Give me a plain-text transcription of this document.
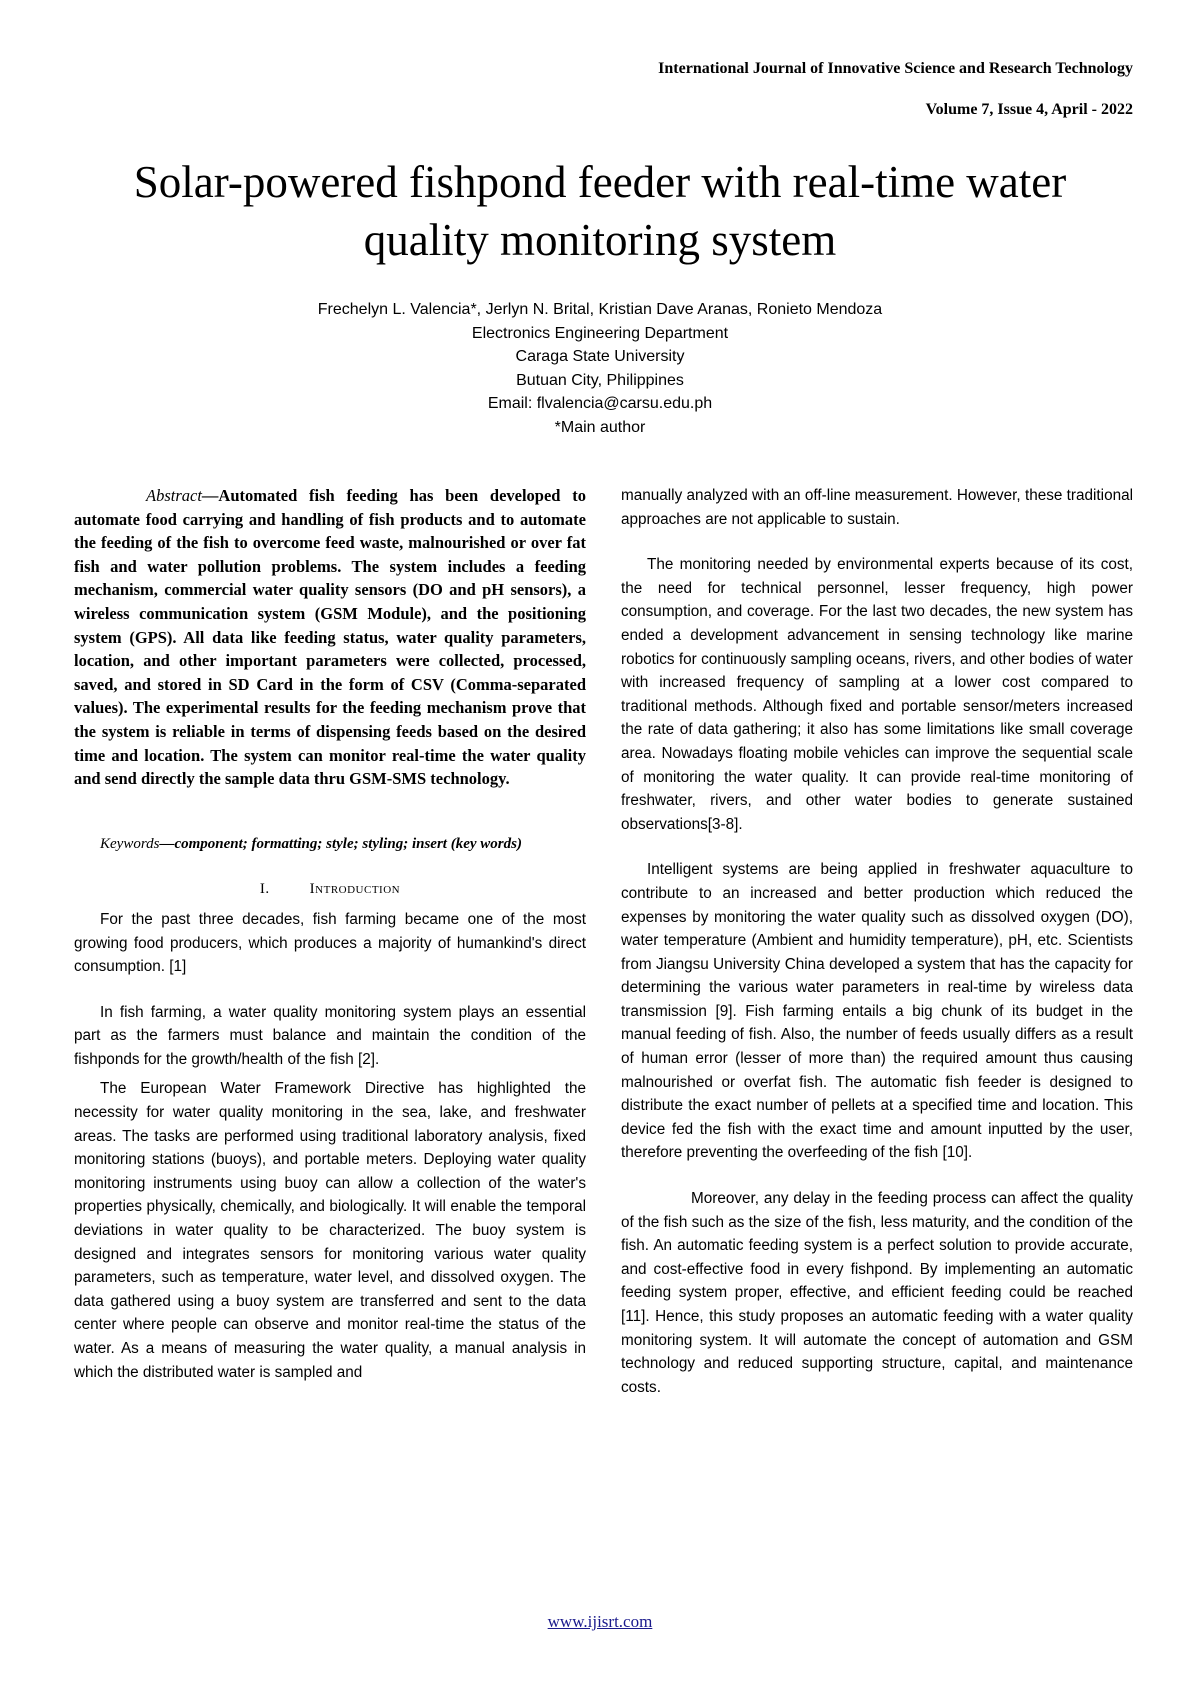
International Journal of Innovative Science and Research Technology
Volume 7, Issue 4, April - 2022
Solar-powered fishpond feeder with real-time water
quality monitoring system
Frechelyn L. Valencia*, Jerlyn N. Brital, Kristian Dave Aranas, Ronieto Mendoza
Electronics Engineering Department
Caraga State University
Butuan City, Philippines
Email: flvalencia@carsu.edu.ph
*Main author

Abstract—Automated fish feeding has been developed to automate food carrying and handling of fish products and to automate the feeding of the fish to overcome feed waste, malnourished or over fat fish and water pollution problems. The system includes a feeding mechanism, commercial water quality sensors (DO and pH sensors), a wireless communication system (GSM Module), and the positioning system (GPS). All data like feeding status, water quality parameters, location, and other important parameters were collected, processed, saved, and stored in SD Card in the form of CSV (Comma-separated values). The experimental results for the feeding mechanism prove that the system is reliable in terms of dispensing feeds based on the desired time and location. The system can monitor real-time the water quality and send directly the sample data thru GSM-SMS technology.

Keywords—component; formatting; style; styling; insert (key words)

I.	Introduction

For the past three decades, fish farming became one of the most growing food producers, which produces a majority of humankind's direct consumption. [1]

In fish farming, a water quality monitoring system plays an essential part as the farmers must balance and maintain the condition of the fishponds for the growth/health of the fish [2].

The European Water Framework Directive has highlighted the necessity for water quality monitoring in the sea, lake, and freshwater areas. The tasks are performed using traditional laboratory analysis, fixed monitoring stations (buoys), and portable meters. Deploying water quality monitoring instruments using buoy can allow a collection of the water's properties physically, chemically, and biologically. It will enable the temporal deviations in water quality to be characterized. The buoy system is designed and integrates sensors for monitoring various water quality parameters, such as temperature, water level, and dissolved oxygen. The data gathered using a buoy system are transferred and sent to the data center where people can observe and monitor real-time the status of the water. As a means of measuring the water quality, a manual analysis in which the distributed water is sampled and

manually analyzed with an off-line measurement. However, these traditional approaches are not applicable to sustain.

The monitoring needed by environmental experts because of its cost, the need for technical personnel, lesser frequency, high power consumption, and coverage. For the last two decades, the new system has ended a development advancement in sensing technology like marine robotics for continuously sampling oceans, rivers, and other bodies of water with increased frequency of sampling at a lower cost compared to traditional methods. Although fixed and portable sensor/meters increased the rate of data gathering; it also has some limitations like small coverage area. Nowadays floating mobile vehicles can improve the sequential scale of monitoring the water quality. It can provide real-time monitoring of freshwater, rivers, and other water bodies to generate sustained observations[3-8].

Intelligent systems are being applied in freshwater aquaculture to contribute to an increased and better production which reduced the expenses by monitoring the water quality such as dissolved oxygen (DO), water temperature (Ambient and humidity temperature), pH, etc. Scientists from Jiangsu University China developed a system that has the capacity for determining the various water parameters in real-time by wireless data transmission [9]. Fish farming entails a big chunk of its budget in the manual feeding of fish. Also, the number of feeds usually differs as a result of human error (lesser of more than) the required amount thus causing malnourished or overfat fish. The automatic fish feeder is designed to distribute the exact number of pellets at a specified time and location. This device fed the fish with the exact time and amount inputted by the user, therefore preventing the overfeeding of the fish [10].

Moreover, any delay in the feeding process can affect the quality of the fish such as the size of the fish, less maturity, and the condition of the fish. An automatic feeding system is a perfect solution to provide accurate, and cost-effective food in every fishpond. By implementing an automatic feeding system proper, effective, and efficient feeding could be reached [11]. Hence, this study proposes an automatic feeding with a water quality monitoring system. It will automate the concept of automation and GSM technology and reduced supporting structure, capital, and maintenance costs.

www.ijisrt.com
